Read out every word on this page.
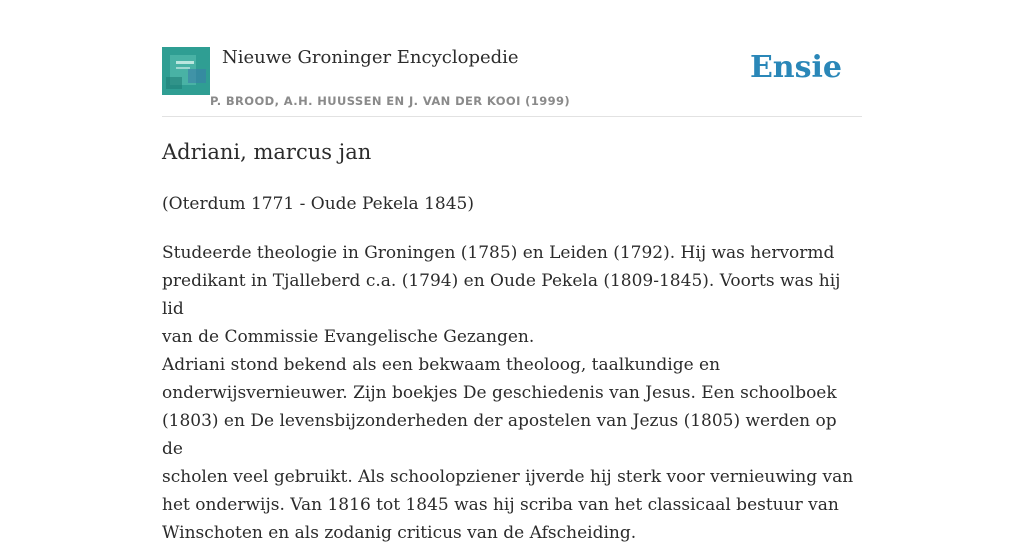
Nieuwe Groninger Encyclopedie
P. BROOD, A.H. HUUSSEN EN J. VAN DER KOOI (1999)
Ensie
Adriani, marcus jan

(Oterdum 1771 - Oude Pekela 1845)

Studeerde theologie in Groningen (1785) en Leiden (1792). Hij was hervormd
predikant in Tjalleberd c.a. (1794) en Oude Pekela (1809-1845). Voorts was hij lid
van de Commissie Evangelische Gezangen.

Adriani stond bekend als een bekwaam theoloog, taalkundige en
onderwijsvernieuwer. Zijn boekjes De geschiedenis van Jesus. Een schoolboek
(1803) en De levensbijzonderheden der apostelen van Jezus (1805) werden op de
scholen veel gebruikt. Als schoolopziener ijverde hij sterk voor vernieuwing van
het onderwijs. Van 1816 tot 1845 was hij scriba van het classicaal bestuur van
Winschoten en als zodanig criticus van de Afscheiding.
